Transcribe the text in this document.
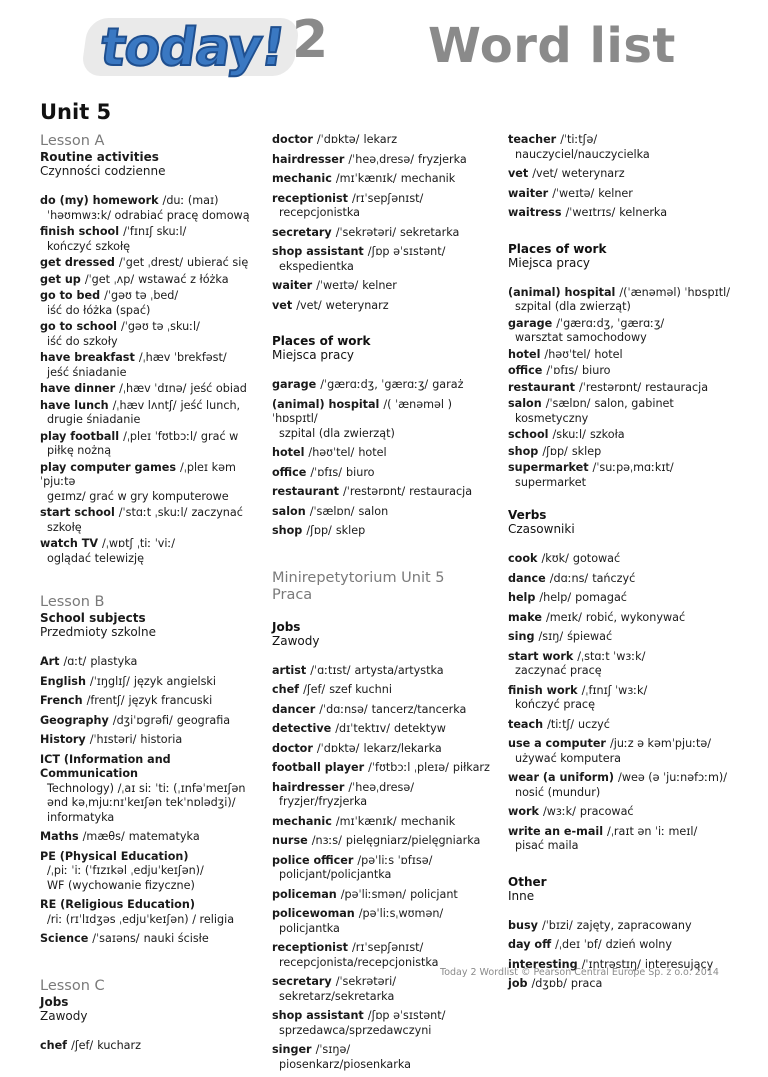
today! 2 Word list
Unit 5
Lesson A
Routine activities
Czynności codzienne
do (my) homework /duː (maɪ)
ˈhəʊmwɜːk/ odrabiać pracę domową
finish school /ˈfɪnɪʃ skuːl/
kończyć szkołę
get dressed /ˈget ˌdrest/ ubierać się
get up /ˈget ˌʌp/ wstawać z łóżka
go to bed /ˈgəʊ tə ˌbed/
iść do łóżka (spać)
go to school /ˈgəʊ tə ˌskuːl/
iść do szkoły
have breakfast /ˌhæv ˈbrekfəst/
jeść śniadanie
have dinner /ˌhæv ˈdɪnə/ jeść obiad
have lunch /ˌhæv lʌntʃ/ jeść lunch,
drugie śniadanie
play football /ˌpleɪ ˈfʊtbɔːl/ grać w
piłkę nożną
play computer games /ˌpleɪ kəmˈpjuːtə
geɪmz/ grać w gry komputerowe
start school /ˈstɑːt ˌskuːl/ zaczynać
szkołę
watch TV /ˌwɒtʃ ˌtiː ˈviː/
oglądać telewizję
Lesson B
School subjects
Przedmioty szkolne
Art /ɑːt/ plastyka
English /ˈɪŋglɪʃ/ język angielski
French /frentʃ/ język francuski
Geography /dʒiˈɒgrəfi/ geografia
History /ˈhɪstəri/ historia
ICT (Information and Communication
Technology) /ˌaɪ siː ˈtiː (ˌɪnfəˈmeɪʃən
ənd kəˌmjuːnɪˈkeɪʃən tekˈnɒlədʒi)/
informatyka
Maths /mæθs/ matematyka
PE (Physical Education)
/ˌpiː ˈiː (ˈfɪzɪkəl ˌedjuˈkeɪʃən)/
WF (wychowanie fizyczne)
RE (Religious Education)
/riː (rɪˈlɪdʒəs ˌedjuˈkeɪʃən) / religia
Science /ˈsaɪəns/ nauki ścisłe
Lesson C
Jobs
Zawody
chef /ʃef/ kucharz
doctor /ˈdɒktə/ lekarz
hairdresser /ˈheəˌdresə/ fryzjerka
mechanic /mɪˈkænɪk/ mechanik
receptionist /rɪˈsepʃənɪst/
recepcjonistka
secretary /ˈsekrətəri/ sekretarka
shop assistant /ʃɒp əˈsɪstənt/
ekspedientka
waiter /ˈweɪtə/ kelner
vet /vet/ weterynarz
Places of work
Miejsca pracy
garage /ˈgærɑːdʒ, ˈgærɑːʒ/ garaż
(animal) hospital /( ˈænəməl ) ˈhɒspɪtl/
szpital (dla zwierząt)
hotel /həʊˈtel/ hotel
office /ˈɒfɪs/ biuro
restaurant /ˈrestərɒnt/ restauracja
salon /ˈsælɒn/ salon
shop /ʃɒp/ sklep
Minirepetytorium Unit 5
Praca
Jobs
Zawody
artist /ˈɑːtɪst/ artysta/artystka
chef /ʃef/ szef kuchni
dancer /ˈdɑːnsə/ tancerz/tancerka
detective /dɪˈtektɪv/ detektyw
doctor /ˈdɒktə/ lekarz/lekarka
football player /ˈfʊtbɔːl ˌpleɪə/ piłkarz
hairdresser /ˈheəˌdresə/
fryzjer/fryzjerka
mechanic /mɪˈkænɪk/ mechanik
nurse /nɜːs/ pielęgniarz/pielęgniarka
police officer /pəˈliːs ˈɒfɪsə/
policjant/policjantka
policeman /pəˈliːsmən/ policjant
policewoman /pəˈliːsˌwʊmən/
policjantka
receptionist /rɪˈsepʃənɪst/
recepcjonista/recepcjonistka
secretary /ˈsekrətəri/
sekretarz/sekretarka
shop assistant /ʃɒp əˈsɪstənt/
sprzedawca/sprzedawczyni
singer /ˈsɪŋə/
piosenkarz/piosenkarka
teacher /ˈtiːtʃə/
nauczyciel/nauczycielka
vet /vet/ weterynarz
waiter /ˈweɪtə/ kelner
waitress /ˈweɪtrɪs/ kelnerka
Places of work
Miejsca pracy
(animal) hospital /(ˈænəməl) ˈhɒspɪtl/
szpital (dla zwierząt)
garage /ˈgærɑːdʒ, ˈgærɑːʒ/
warsztat samochodowy
hotel /həʊˈtel/ hotel
office /ˈɒfɪs/ biuro
restaurant /ˈrestərɒnt/ restauracja
salon /ˈsælɒn/ salon, gabinet
kosmetyczny
school /skuːl/ szkoła
shop /ʃɒp/ sklep
supermarket /ˈsuːpəˌmɑːkɪt/
supermarket
Verbs
Czasowniki
cook /kʊk/ gotować
dance /dɑːns/ tańczyć
help /help/ pomagać
make /meɪk/ robić, wykonywać
sing /sɪŋ/ śpiewać
start work /ˌstɑːt ˈwɜːk/
zaczynać pracę
finish work /ˌfɪnɪʃ ˈwɜːk/
kończyć pracę
teach /tiːtʃ/ uczyć
use a computer /juːz ə kəmˈpjuːtə/
używać komputera
wear (a uniform) /weə (ə ˈjuːnəfɔːm)/
nosić (mundur)
work /wɜːk/ pracować
write an e-mail /ˌraɪt ən ˈiː meɪl/
pisać maila
Other
Inne
busy /ˈbɪzi/ zajęty, zapracowany
day off /ˌdeɪ ˈɒf/ dzień wolny
interesting /ˈɪntrəstɪŋ/ interesujący
job /dʒɒb/ praca
Today 2 Wordlist © Pearson Central Europe Sp. z o.o. 2014
